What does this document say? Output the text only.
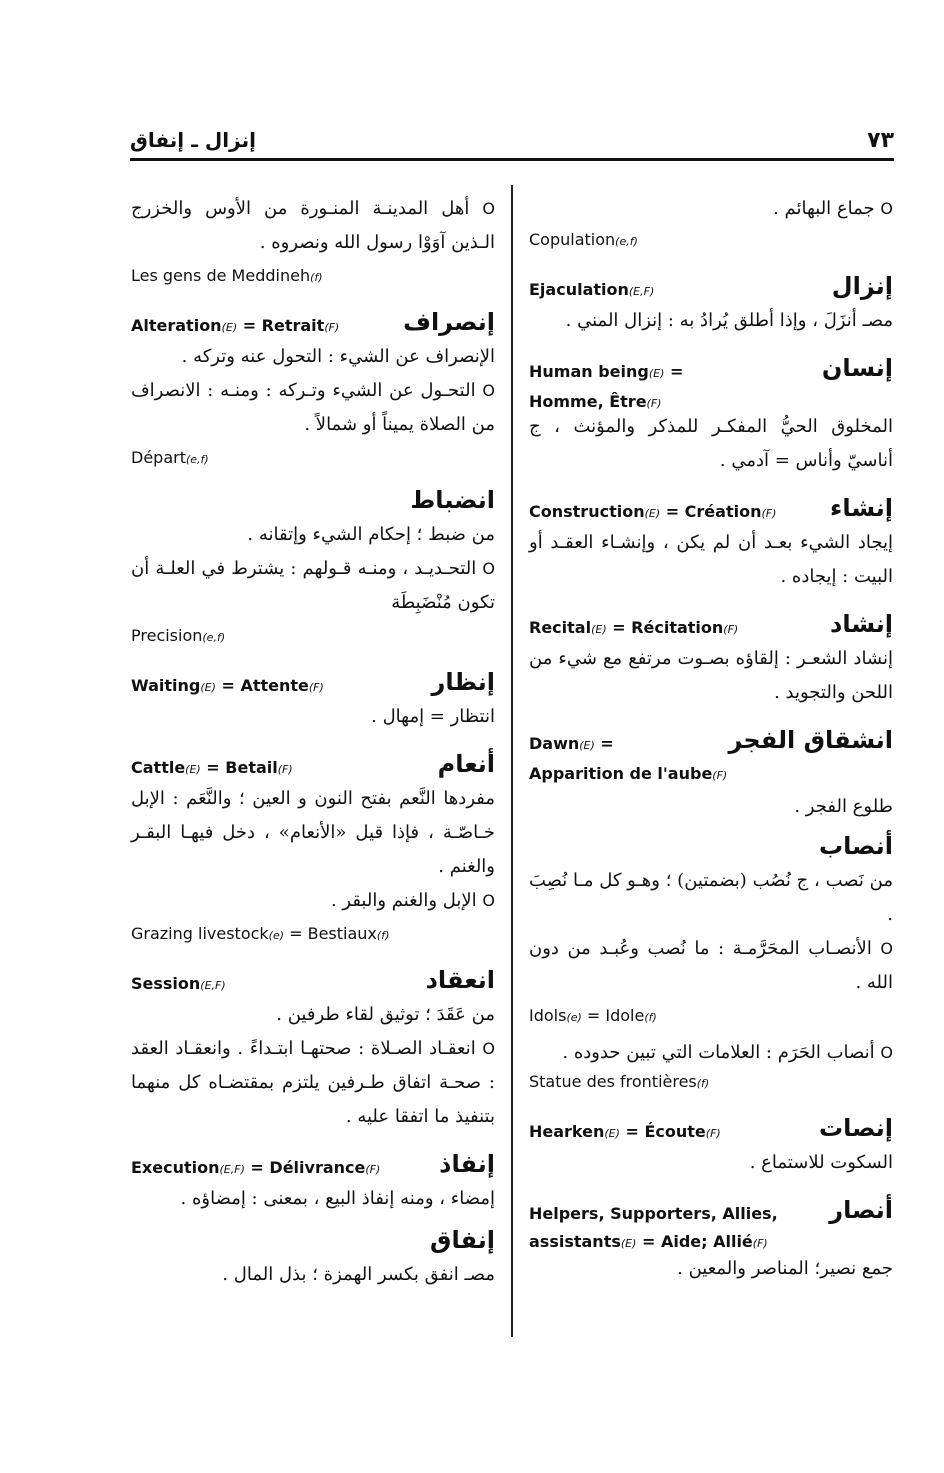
٧٣
إنزال ـ إنفاق

O جماع البهائم .

Copulation(e,f)

إنزال
Ejaculation(E,F)

مصـ أنزَلَ ، وإذا أطلق يُرادُ به : إنزال المني .

إنسان
Human being(E) =
Homme, Être(F)

المخلوق الحيُّ المفكـر للمذكر والمؤنث ، ج أناسيّ وأناس = آدمي .

إنشاء
Construction(E) = Création(F)

إيجاد الشيء بعـد أن لم يكن ، وإنشـاء العقـد أو البيت : إيجاده .

إنشاد
Recital(E) = Récitation(F)

إنشاد الشعـر : إلقاؤه بصـوت مرتفع مع شيء من اللحن والتجويد .

انشقاق الفجر
Dawn(E) =
Apparition de l'aube(F)

طلوع الفجر .

أنصاب

من نَصب ، ج نُصُب (بضمتين) ؛ وهـو كل مـا نُصِبَ .

O الأنصـاب المحَرَّمـة : ما نُصب وعُبـد من دون الله .

Idols(e) = Idole(f)

O أنصاب الحَرَم : العلامات التي تبين حدوده .

Statue des frontières(f)

إنصات
Hearken(E) = Écoute(F)

السكوت للاستماع .

أنصار
Helpers, Supporters, Allies,
assistants(E) = Aide; Allié(F)

جمع نصير؛ المناصر والمعين .

O أهل المدينـة المنـورة من الأوس والخزرج الـذين آوَوْا رسول الله ونصروه .

Les gens de Meddineh(f)

إنصراف
Alteration(E) = Retrait(F)

الإنصراف عن الشيء : التحول عنه وتركه .

O التحـول عن الشيء وتـركه : ومنـه : الانصراف من الصلاة يميناً أو شمالاً .

Départ(e,f)

انضباط

من ضبط ؛ إحكام الشيء وإتقانه .

O التحـديـد ، ومنـه قـولهم : يشترط في العلـة أن تكون مُنْضَبِطَة

Precision(e,f)

إنظار
Waiting(E) = Attente(F)

انتظار = إمهال .

أنعام
Cattle(E) = Betail(F)

مفردها النَّعم بفتح النون و العين ؛ والنَّعَم : الإبل خـاصّـة ، فإذا قيل «الأنعام» ، دخل فيهـا البقـر والغنم .

O الإبل والغنم والبقر .

Grazing livestock(e) = Bestiaux(f)

انعقاد
Session(E,F)

من عَقَدَ ؛ توثيق لقاء طرفين .

O انعقـاد الصـلاة : صحتهـا ابتـداءً . وانعقـاد العقد : صحـة اتفاق طـرفين يلتزم بمقتضـاه كل منهما بتنفيذ ما اتفقا عليه .

إنفاذ
Execution(E,F) = Délivrance(F)

إمضاء ، ومنه إنفاذ البيع ، بمعنى : إمضاؤه .

إنفاق

مصـ انفق بكسر الهمزة ؛ بذل المال .
